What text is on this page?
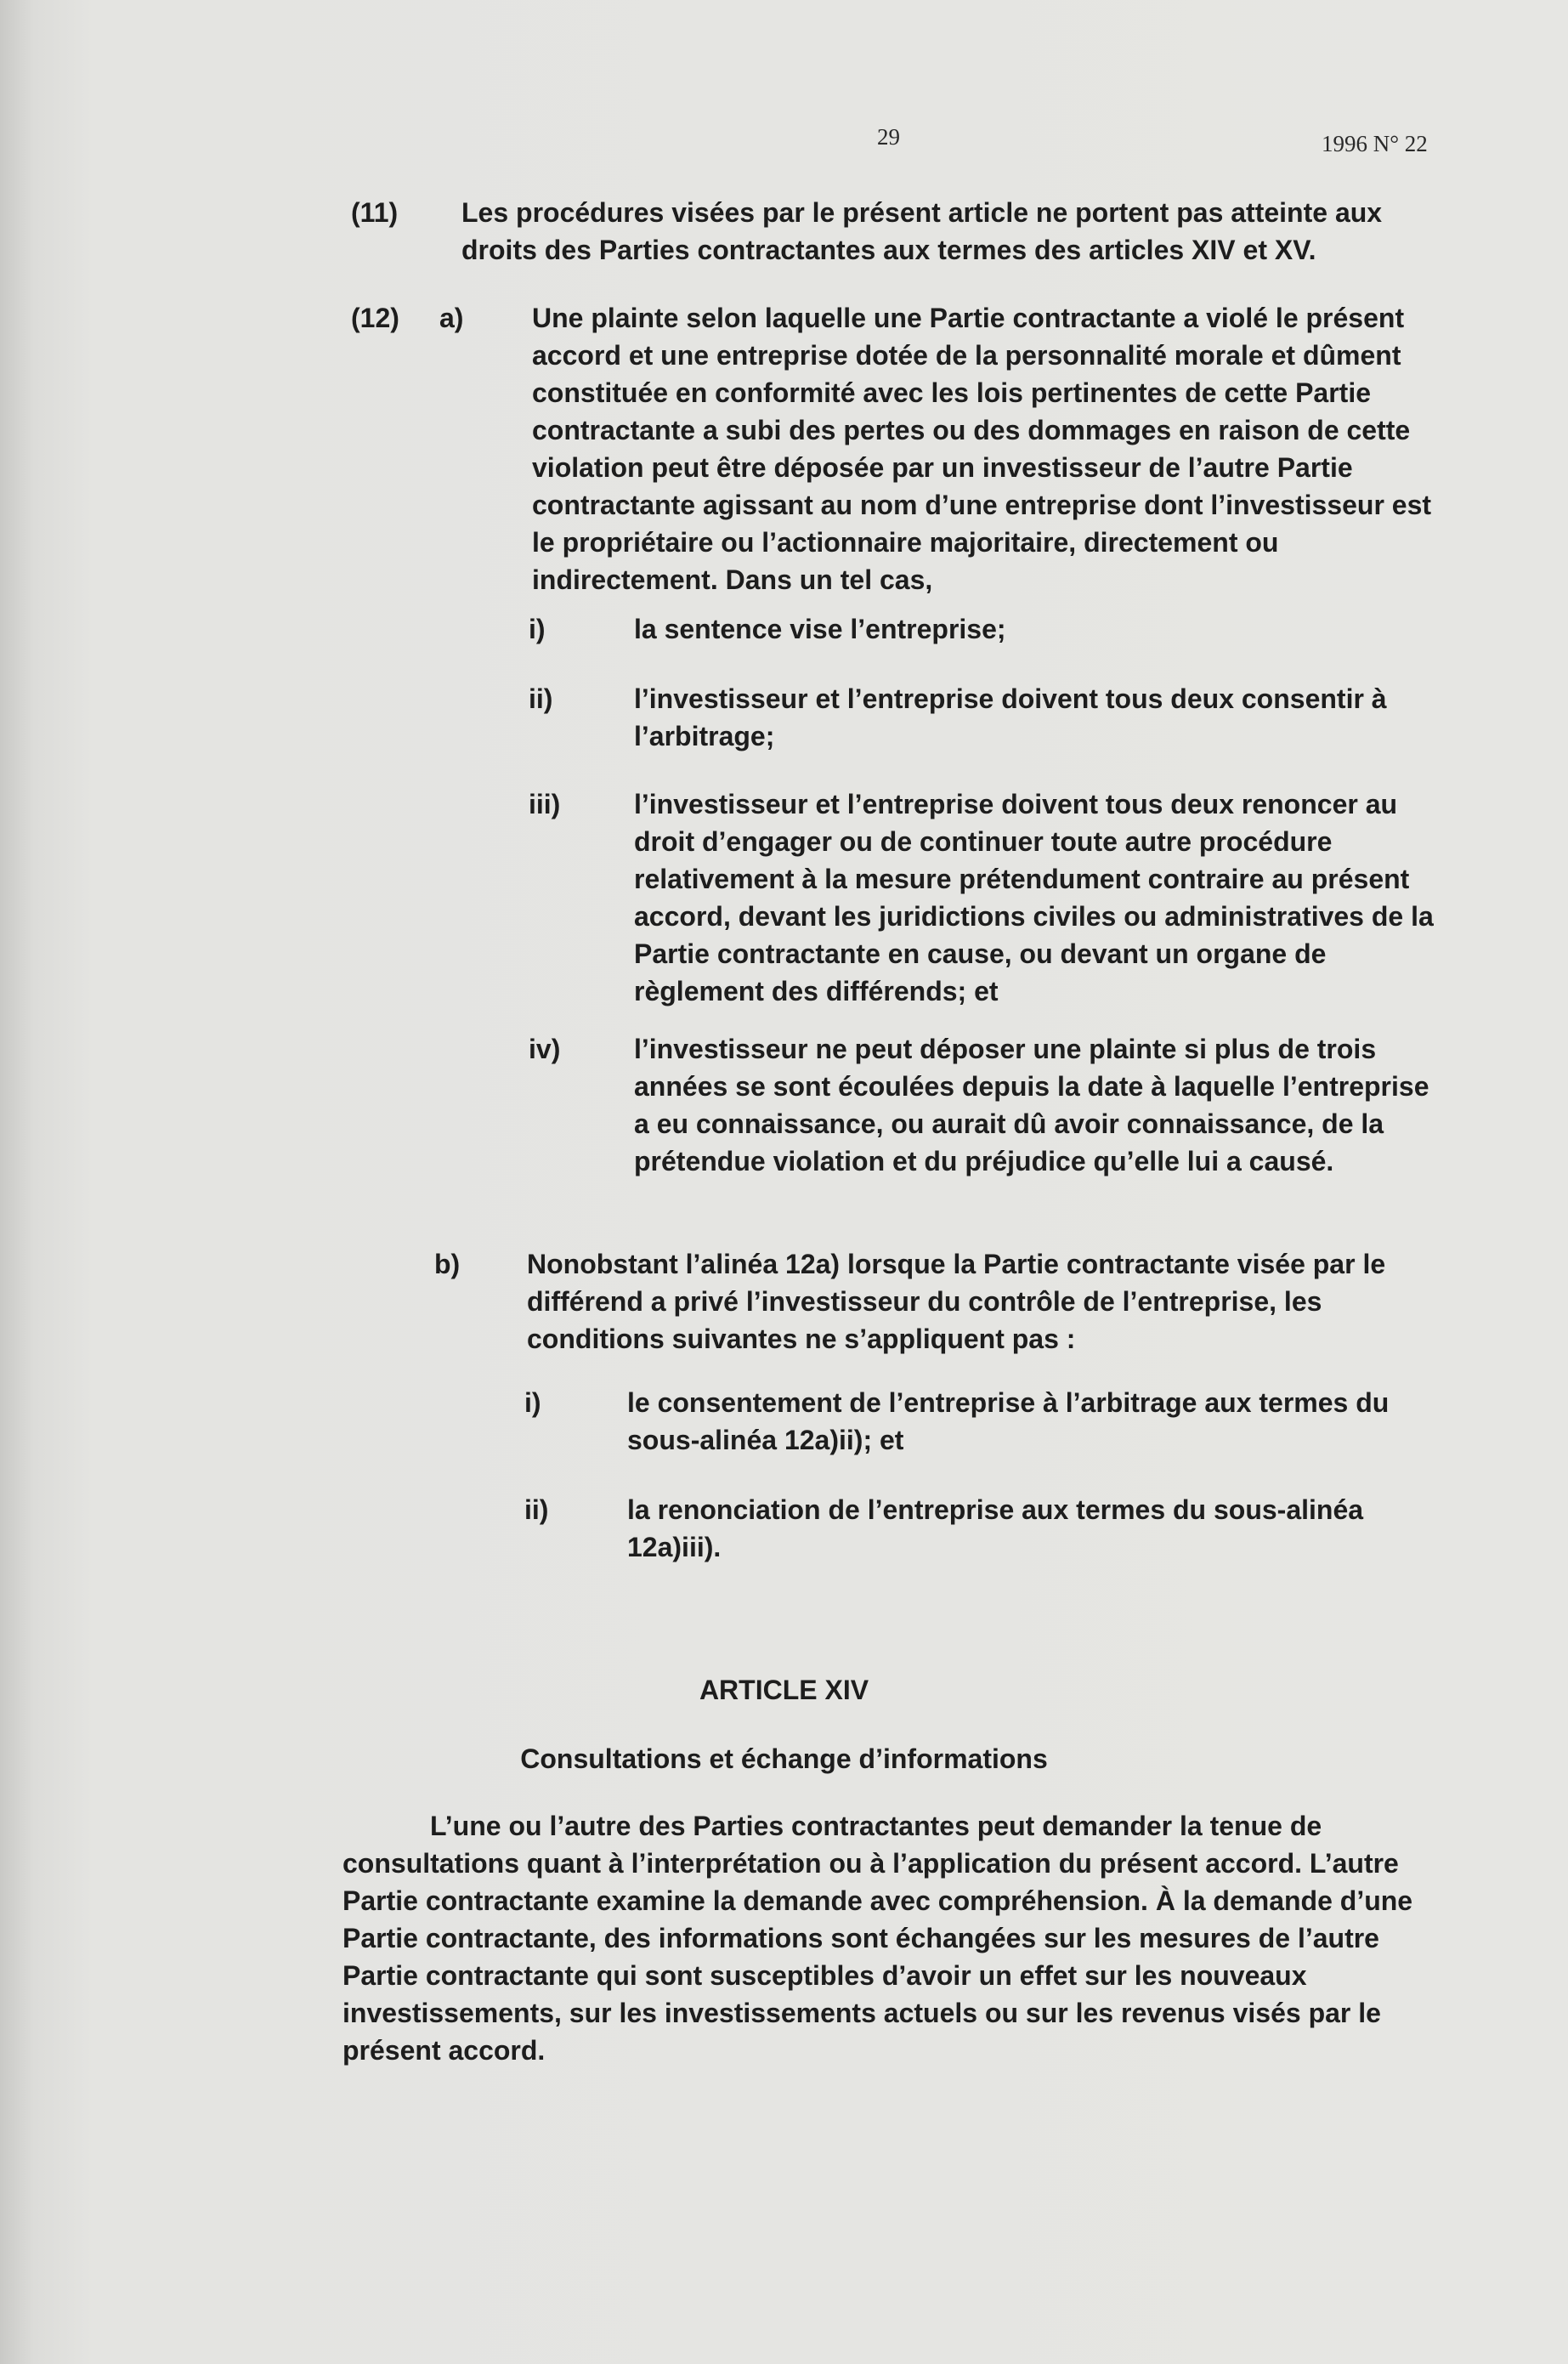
29	1996 N° 22
(11) Les procédures visées par le présent article ne portent pas atteinte aux droits des Parties contractantes aux termes des articles XIV et XV.
(12) a)	Une plainte selon laquelle une Partie contractante a violé le présent accord et une entreprise dotée de la personnalité morale et dûment constituée en conformité avec les lois pertinentes de cette Partie contractante a subi des pertes ou des dommages en raison de cette violation peut être déposée par un investisseur de l’autre Partie contractante agissant au nom d’une entreprise dont l’investisseur est le propriétaire ou l’actionnaire majoritaire, directement ou indirectement. Dans un tel cas,
i)	la sentence vise l’entreprise;
ii)	l’investisseur et l’entreprise doivent tous deux consentir à l’arbitrage;
iii)	l’investisseur et l’entreprise doivent tous deux renoncer au droit d’engager ou de continuer toute autre procédure relativement à la mesure prétendument contraire au présent accord, devant les juridictions civiles ou administratives de la Partie contractante en cause, ou devant un organe de règlement des différends; et
iv)	l’investisseur ne peut déposer une plainte si plus de trois années se sont écoulées depuis la date à laquelle l’entreprise a eu connaissance, ou aurait dû avoir connaissance, de la prétendue violation et du préjudice qu’elle lui a causé.
b) Nonobstant l’alinéa 12a) lorsque la Partie contractante visée par le différend a privé l’investisseur du contrôle de l’entreprise, les conditions suivantes ne s’appliquent pas :
i)	le consentement de l’entreprise à l’arbitrage aux termes du sous-alinéa 12a)ii); et
ii)	la renonciation de l’entreprise aux termes du sous-alinéa 12a)iii).
ARTICLE XIV
Consultations et échange d’informations
L’une ou l’autre des Parties contractantes peut demander la tenue de consultations quant à l’interprétation ou à l’application du présent accord. L’autre Partie contractante examine la demande avec compréhension. À la demande d’une Partie contractante, des informations sont échangées sur les mesures de l’autre Partie contractante qui sont susceptibles d’avoir un effet sur les nouveaux investissements, sur les investissements actuels ou sur les revenus visés par le présent accord.
